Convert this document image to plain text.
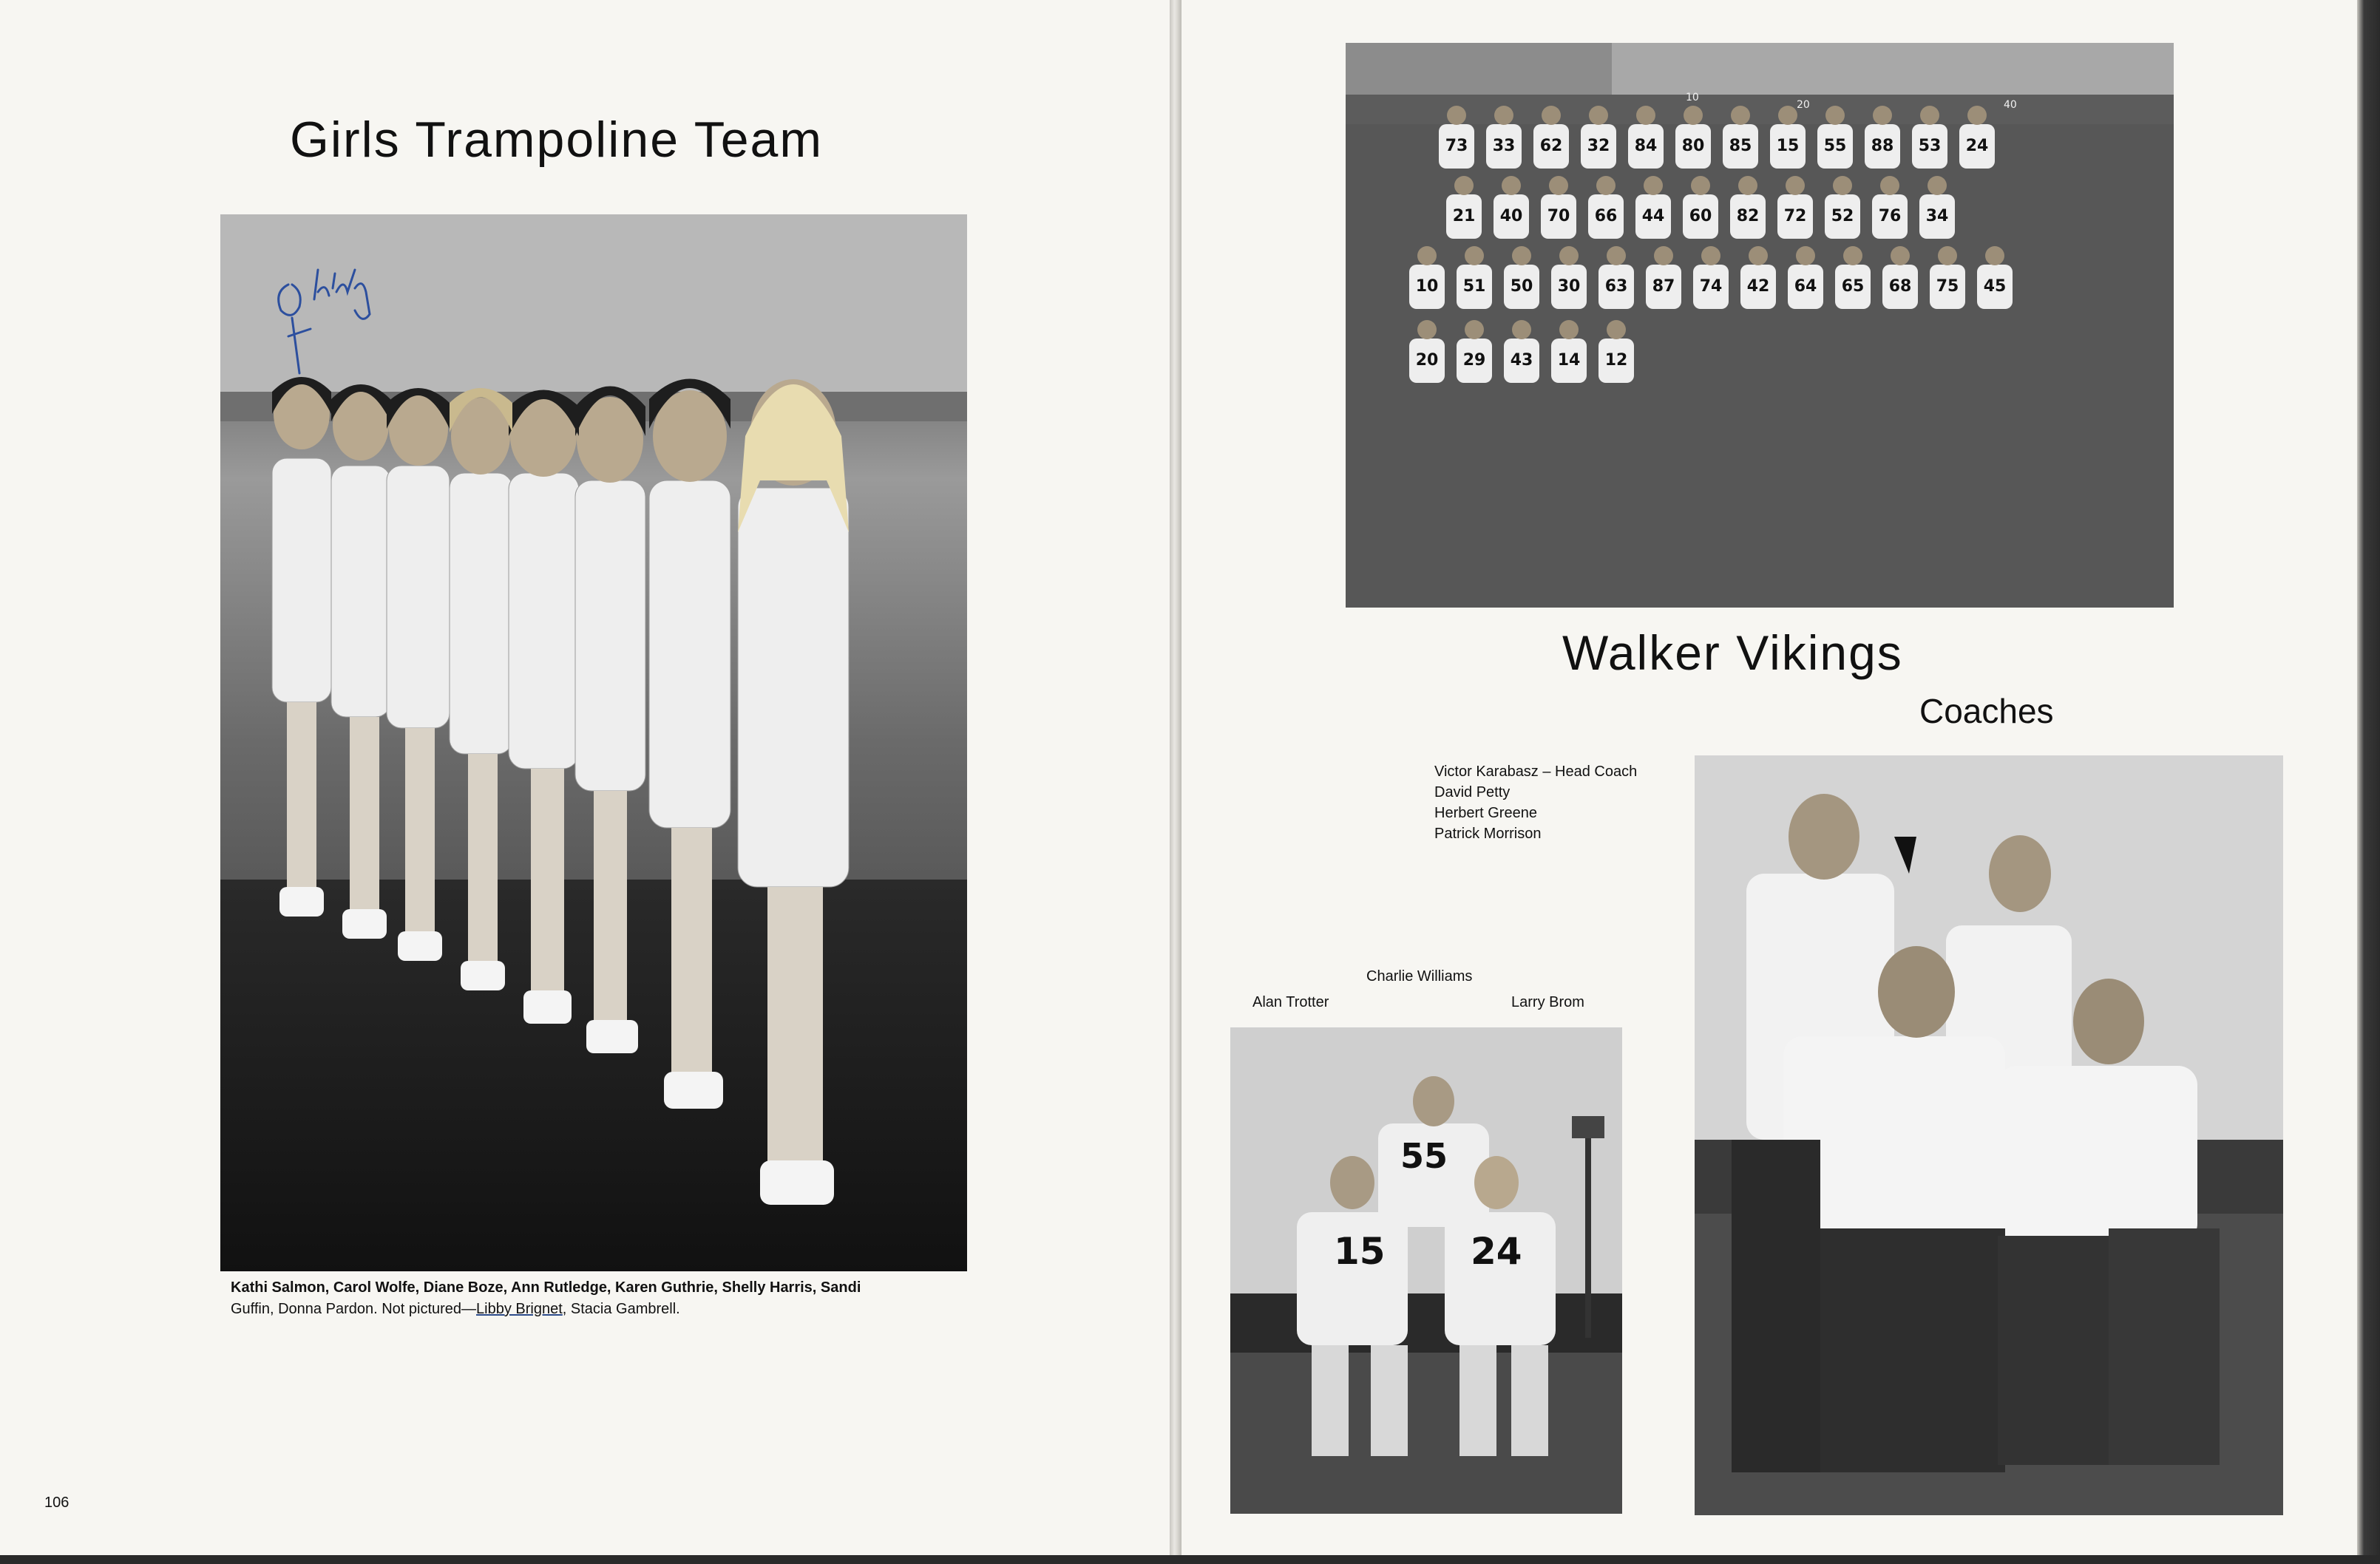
Girls Trampoline Team
Kathi Salmon, Carol Wolfe, Diane Boze, Ann Rutledge, Karen Guthrie, Shelly Harris, Sandi
Guffin, Donna Pardon. Not pictured—Libby Brignet, Stacia Gambrell.
106
10
20	40
73 33 62 32 84 80 85 15 55 88 53 24
21 40 70 66 44 60 82 72 52 76 34
10 51 50 30 63 87 74 42 64 65 68 75 45
20 29 43 14 12
Walker Vikings
Coaches
Victor Karabasz – Head Coach
David Petty
Herbert Greene
Patrick Morrison
Charlie Williams
Alan Trotter	Larry Brom
55
15 24
